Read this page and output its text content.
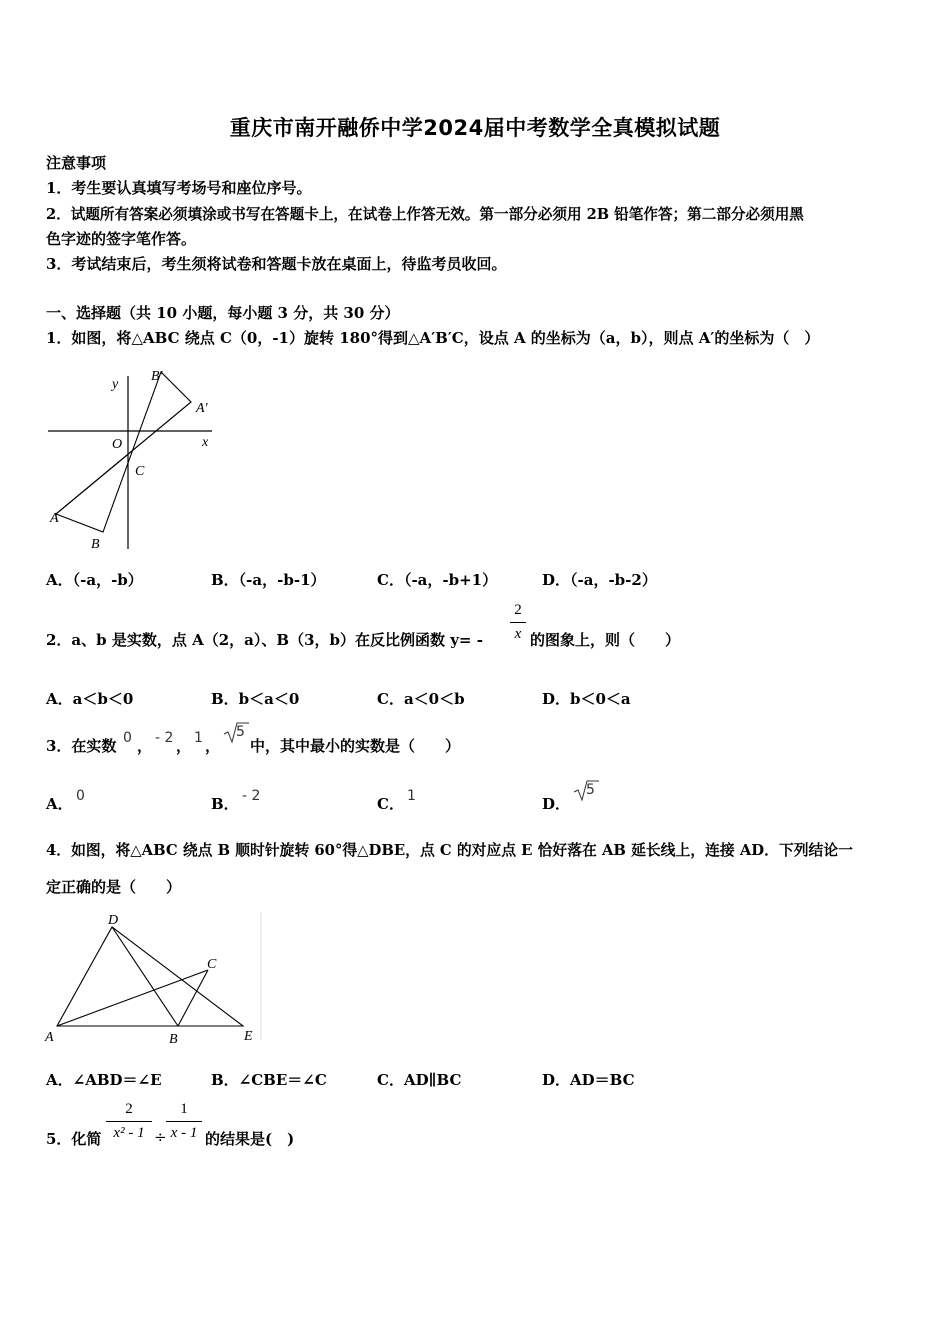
重庆市南开融侨中学2024届中考数学全真模拟试题
注意事项
1．考生要认真填写考场号和座位序号。
2．试题所有答案必须填涂或书写在答题卡上，在试卷上作答无效。第一部分必须用 2B 铅笔作答；第二部分必须用黑
色字迹的签字笔作答。
3．考试结束后，考生须将试卷和答题卡放在桌面上，待监考员收回。
一、选择题（共 10 小题，每小题 3 分，共 30 分）
1．如图，将△ABC 绕点 C（0，-1）旋转 180°得到△A′B′C，设点 A 的坐标为（a，b），则点 A′的坐标为（　）
y
x
O
C
A
B
A'
B'
A．（-a，-b）	B．（-a，-b-1）	C．（-a，-b+1）	D．（-a，-b-2）
2．a、b 是实数，点 A（2，a）、B（3，b）在反比例函数 y= -
2
x 的图象上，则（　　）
A．a＜b＜0	B．b＜a＜0	C．a＜0＜b	D．b＜0＜a
3．在实数 0 ， - 2 ， 1 ，
5
中，其中最小的实数是（　　）
A． 0	B． - 2	C． 1	D．
5
4．如图，将△ABC 绕点 B 顺时针旋转 60°得△DBE，点 C 的对应点 E 恰好落在 AB 延长线上，连接 AD．下列结论一
定正确的是（　　）
D
C
A	B	E
A．∠ABD＝∠E	B．∠CBE＝∠C	C．AD∥BC	D．AD＝BC
5．化简
2
x² - 1 ÷
1
x - 1 的结果是(　)
